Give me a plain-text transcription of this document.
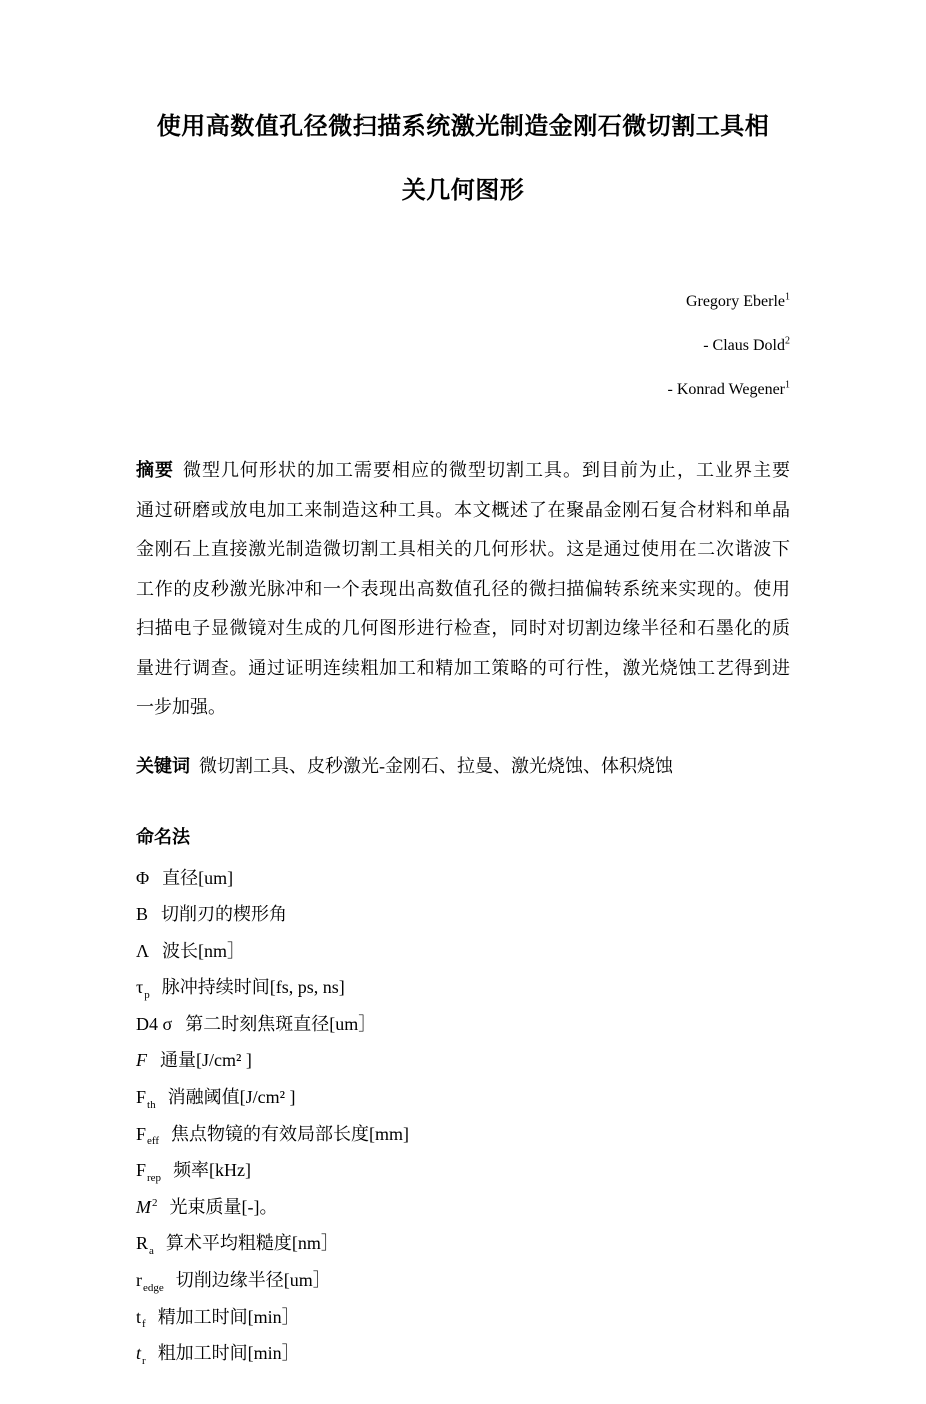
使用高数值孔径微扫描系统激光制造金刚石微切割工具相
关几何图形

Gregory Eberle$^1$

- Claus Dold$^2$

- Konrad Wegener$^1$

摘要 微型几何形状的加工需要相应的微型切割工具。到目前为止，工业界主要
通过研磨或放电加工来制造这种工具。本文概述了在聚晶金刚石复合材料和单晶
金刚石上直接激光制造微切割工具相关的几何形状。这是通过使用在二次谐波下
工作的皮秒激光脉冲和一个表现出高数值孔径的微扫描偏转系统来实现的。使用
扫描电子显微镜对生成的几何图形进行检查，同时对切割边缘半径和石墨化的质
量进行调查。通过证明连续粗加工和精加工策略的可行性，激光烧蚀工艺得到进
一步加强。
关键词 微切割工具、皮秒激光-金刚石、拉曼、激光烧蚀、体积烧蚀
命名法
Φ 直径[um]
B 切削刃的楔形角
Λ 波长[nm］
$\tau_p$ 脉冲持续时间[fs, ps, ns]
D4 σ 第二时刻焦斑直径[um］
F 通量[J/cm² ]
$F_{th}$ 消融阈值[J/cm² ]
$F_{eff}$ 焦点物镜的有效局部长度[mm]
$F_{rep}$ 频率[kHz]
$M^2$ 光束质量[-]。
$R_a$ 算术平均粗糙度[nm］
$r_{edge}$ 切削边缘半径[um］
$t_f$ 精加工时间[min］
$t_r$ 粗加工时间[min］
